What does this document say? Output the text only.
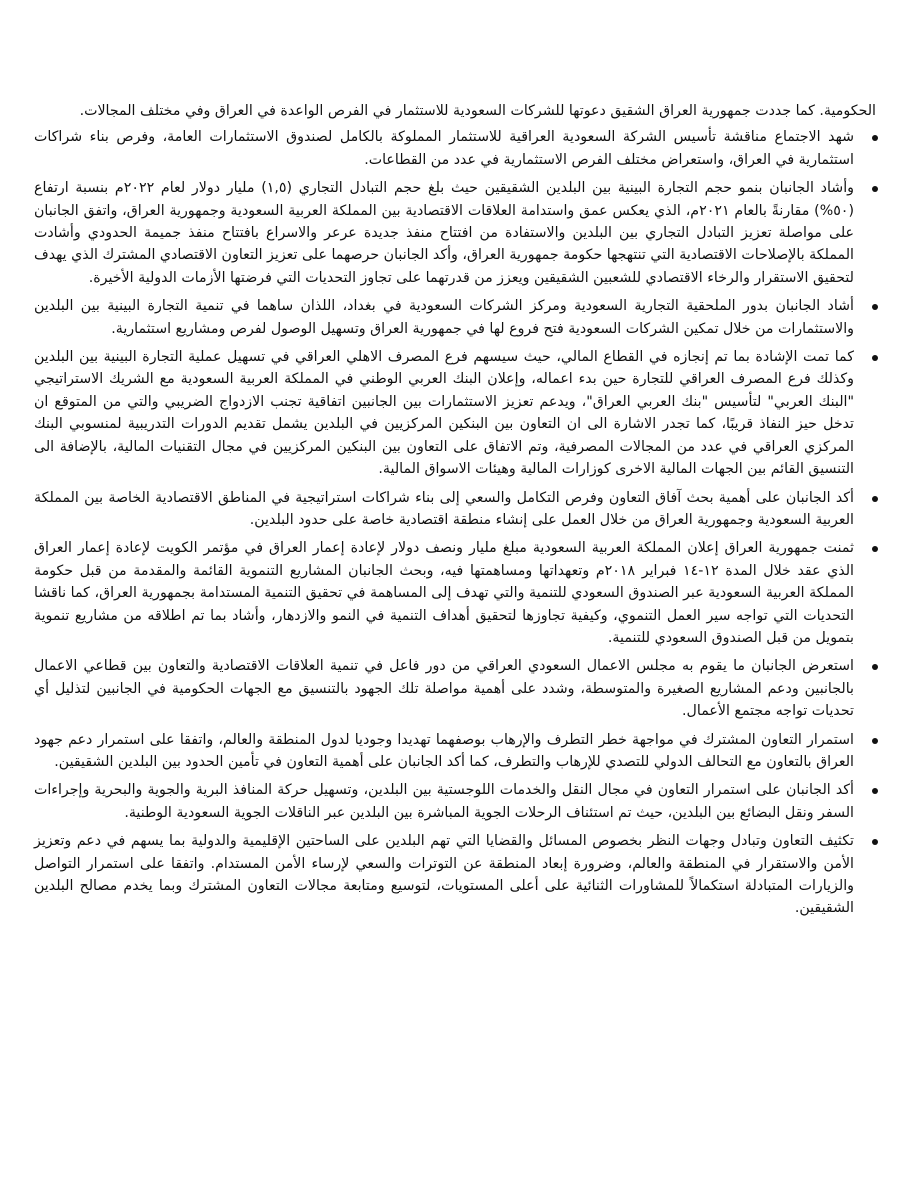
الحكومية. كما جددت جمهورية العراق الشقيق دعوتها للشركات السعودية للاستثمار في الفرص الواعدة في العراق وفي مختلف المجالات.

شهد الاجتماع مناقشة تأسيس الشركة السعودية العراقية للاستثمار المملوكة بالكامل لصندوق الاستثمارات العامة، وفرص بناء شراكات استثمارية في العراق، واستعراض مختلف الفرص الاستثمارية في عدد من القطاعات.
وأشاد الجانبان بنمو حجم التجارة البينية بين البلدين الشقيقين حيث بلغ حجم التبادل التجاري (١,٥) مليار دولار لعام ٢٠٢٢م بنسبة ارتفاع (٥٠%) مقارنةً بالعام ٢٠٢١م، الذي يعكس عمق واستدامة العلاقات الاقتصادية بين المملكة العربية السعودية وجمهورية العراق، واتفق الجانبان على مواصلة تعزيز التبادل التجاري بين البلدين والاستفادة من افتتاح منفذ جديدة عرعر والاسراع بافتتاح منفذ جميمة الحدودي وأشادت المملكة بالإصلاحات الاقتصادية التي تنتهجها حكومة جمهورية العراق، وأكد الجانبان حرصهما على تعزيز التعاون الاقتصادي المشترك الذي يهدف لتحقيق الاستقرار والرخاء الاقتصادي للشعبين الشقيقين ويعزز من قدرتهما على تجاوز التحديات التي فرضتها الأزمات الدولية الأخيرة.
أشاد الجانبان بدور الملحقية التجارية السعودية ومركز الشركات السعودية في بغداد، اللذان ساهما في تنمية التجارة البينية بين البلدين والاستثمارات من خلال تمكين الشركات السعودية فتح فروع لها في جمهورية العراق وتسهيل الوصول لفرص ومشاريع استثمارية.
كما تمت الإشادة بما تم إنجازه في القطاع المالي، حيث سيسهم فرع المصرف الاهلي العراقي في تسهيل عملية التجارة البينية بين البلدين وكذلك فرع المصرف العراقي للتجارة حين بدء اعماله، وإعلان البنك العربي الوطني في المملكة العربية السعودية مع الشريك الاستراتيجي "البنك العربي" لتأسيس "بنك العربي العراق"، ويدعم تعزيز الاستثمارات بين الجانبين اتفاقية تجنب الازدواج الضريبي والتي من المتوقع ان تدخل حيز النفاذ قريبًا، كما تجدر الاشارة الى ان التعاون بين البنكين المركزيين في البلدين يشمل تقديم الدورات التدريبية لمنسوبي البنك المركزي العراقي في عدد من المجالات المصرفية، وتم الاتفاق على التعاون بين البنكين المركزيين في مجال التقنيات المالية، بالإضافة الى التنسيق القائم بين الجهات المالية الاخرى كوزارات المالية وهيئات الاسواق المالية.
أكد الجانبان على أهمية بحث آفاق التعاون وفرص التكامل والسعي إلى بناء شراكات استراتيجية في المناطق الاقتصادية الخاصة بين المملكة العربية السعودية وجمهورية العراق من خلال العمل على إنشاء منطقة اقتصادية خاصة على حدود البلدين.
ثمنت جمهورية العراق إعلان المملكة العربية السعودية مبلغ مليار ونصف دولار لإعادة إعمار العراق في مؤتمر الكويت لإعادة إعمار العراق الذي عقد خلال المدة ١٢-١٤ فبراير ٢٠١٨م وتعهداتها ومساهمتها فيه، وبحث الجانبان المشاريع التنموية القائمة والمقدمة من قبل حكومة المملكة العربية السعودية عبر الصندوق السعودي للتنمية والتي تهدف إلى المساهمة في تحقيق التنمية المستدامة بجمهورية العراق، كما ناقشا التحديات التي تواجه سير العمل التنموي، وكيفية تجاوزها لتحقيق أهداف التنمية في النمو والازدهار، وأشاد بما تم اطلاقه من مشاريع تنموية بتمويل من قبل الصندوق السعودي للتنمية.
استعرض الجانبان ما يقوم به مجلس الاعمال السعودي العراقي من دور فاعل في تنمية العلاقات الاقتصادية والتعاون بين قطاعي الاعمال بالجانبين ودعم المشاريع الصغيرة والمتوسطة، وشدد على أهمية مواصلة تلك الجهود بالتنسيق مع الجهات الحكومية في الجانبين لتذليل أي تحديات تواجه مجتمع الأعمال.
استمرار التعاون المشترك في مواجهة خطر التطرف والإرهاب بوصفهما تهديدا وجوديا لدول المنطقة والعالم، واتفقا على استمرار دعم جهود العراق بالتعاون مع التحالف الدولي للتصدي للإرهاب والتطرف، كما أكد الجانبان على أهمية التعاون في تأمين الحدود بين البلدين الشقيقين.
أكد الجانبان على استمرار التعاون في مجال النقل والخدمات اللوجستية بين البلدين، وتسهيل حركة المنافذ البرية والجوية والبحرية وإجراءات السفر ونقل البضائع بين البلدين، حيث تم استئناف الرحلات الجوية المباشرة بين البلدين عبر الناقلات الجوية السعودية الوطنية.
تكثيف التعاون وتبادل وجهات النظر بخصوص المسائل والقضايا التي تهم البلدين على الساحتين الإقليمية والدولية بما يسهم في دعم وتعزيز الأمن والاستقرار في المنطقة والعالم، وضرورة إبعاد المنطقة عن التوترات والسعي لإرساء الأمن المستدام. واتفقا على استمرار التواصل والزيارات المتبادلة استكمالاً للمشاورات الثنائية على أعلى المستويات، لتوسيع ومتابعة مجالات التعاون المشترك وبما يخدم مصالح البلدين الشقيقين.
